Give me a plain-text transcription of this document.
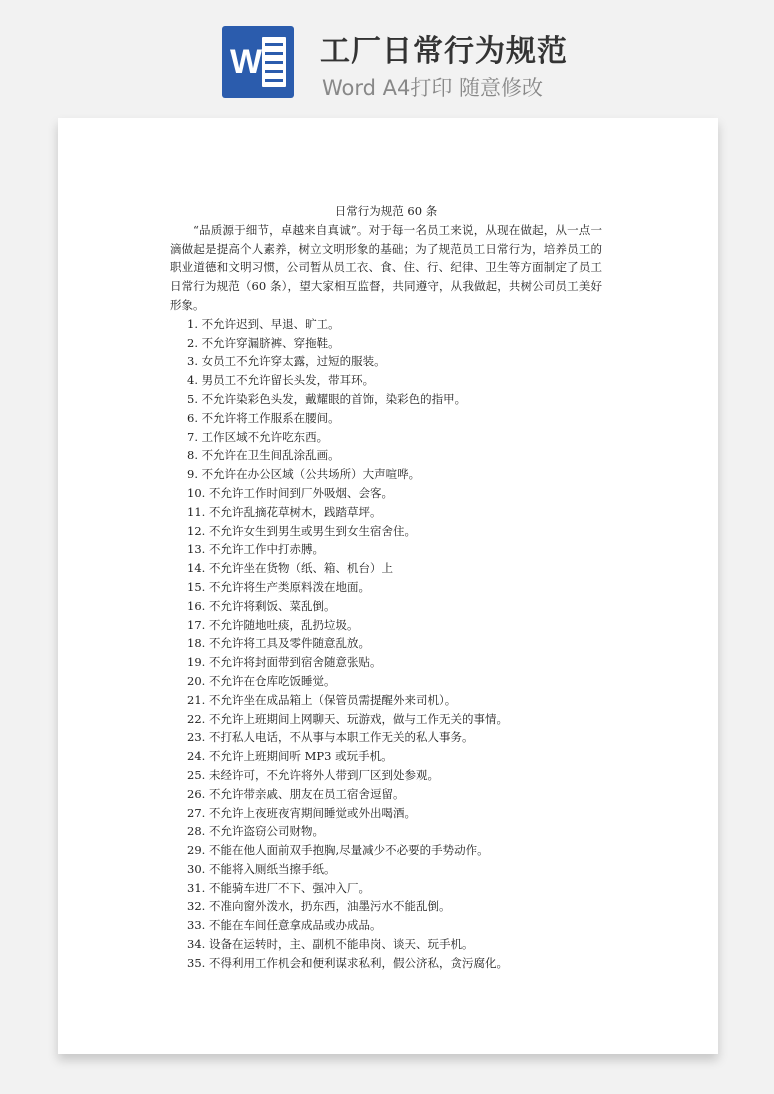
W 工厂日常行为规范
Word A4打印 随意修改

日常行为规范 60 条

“品质源于细节，卓越来自真诚”。对于每一名员工来说，从现在做起，从一点一滴做起是提高个人素养，树立文明形象的基础；为了规范员工日常行为，培养员工的职业道德和文明习惯，公司暂从员工衣、食、住、行、纪律、卫生等方面制定了员工日常行为规范（60 条），望大家相互监督，共同遵守，从我做起，共树公司员工美好形象。

1. 不允许迟到、早退、旷工。
2. 不允许穿漏脐裤、穿拖鞋。
3. 女员工不允许穿太露，过短的服装。
4. 男员工不允许留长头发，带耳环。
5. 不允许染彩色头发，戴耀眼的首饰，染彩色的指甲。
6. 不允许将工作服系在腰间。
7. 工作区域不允许吃东西。
8. 不允许在卫生间乱涂乱画。
9. 不允许在办公区域（公共场所）大声喧哗。
10. 不允许工作时间到厂外吸烟、会客。
11. 不允许乱摘花草树木，践踏草坪。
12. 不允许女生到男生或男生到女生宿舍住。
13. 不允许工作中打赤膊。
14. 不允许坐在货物（纸、箱、机台）上
15. 不允许将生产类原料泼在地面。
16. 不允许将剩饭、菜乱倒。
17. 不允许随地吐痰，乱扔垃圾。
18. 不允许将工具及零件随意乱放。
19. 不允许将封面带到宿舍随意张贴。
20. 不允许在仓库吃饭睡觉。
21. 不允许坐在成品箱上（保管员需提醒外来司机）。
22. 不允许上班期间上网聊天、玩游戏，做与工作无关的事情。
23. 不打私人电话，不从事与本职工作无关的私人事务。
24. 不允许上班期间听 MP3 或玩手机。
25. 未经许可，不允许将外人带到厂区到处参观。
26. 不允许带亲戚、朋友在员工宿舍逗留。
27. 不允许上夜班夜宵期间睡觉或外出喝酒。
28. 不允许盗窃公司财物。
29. 不能在他人面前双手抱胸,尽量减少不必要的手势动作。
30. 不能将入厕纸当擦手纸。
31. 不能骑车进厂不下、强冲入厂。
32. 不准向窗外泼水，扔东西，油墨污水不能乱倒。
33. 不能在车间任意拿成品或办成品。
34. 设备在运转时，主、副机不能串岗、谈天、玩手机。
35. 不得利用工作机会和便利谋求私利，假公济私，贪污腐化。
